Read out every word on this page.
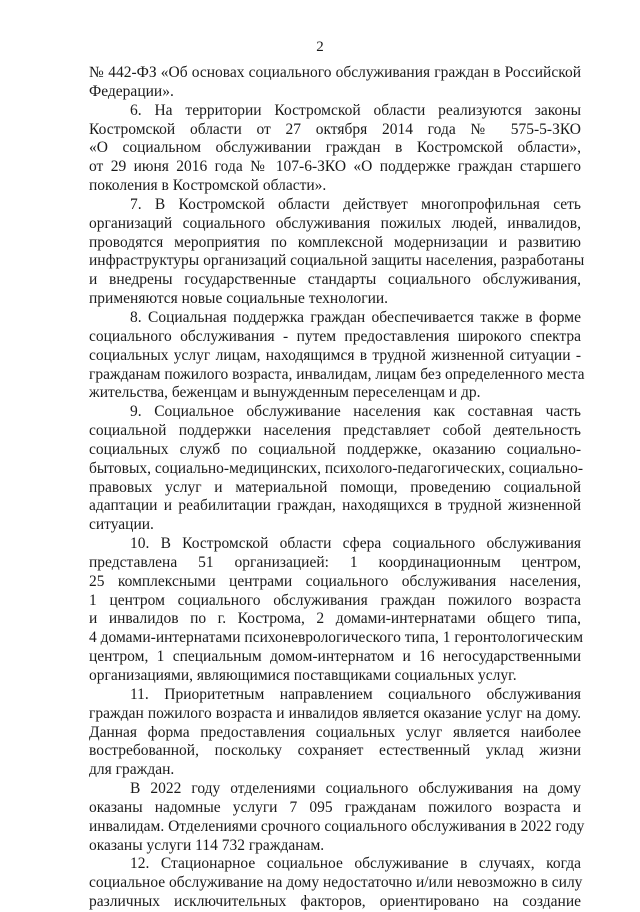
2
№ 442-ФЗ «Об основах социального обслуживания граждан в Российской
Федерации».
6. На территории Костромской области реализуются законы
Костромской области от 27 октября 2014 года № 575-5-ЗКО
«О социальном обслуживании граждан в Костромской области»,
от 29 июня 2016 года № 107-6-ЗКО «О поддержке граждан старшего
поколения в Костромской области».
7. В Костромской области действует многопрофильная сеть
организаций социального обслуживания пожилых людей, инвалидов,
проводятся мероприятия по комплексной модернизации и развитию
инфраструктуры организаций социальной защиты населения, разработаны
и внедрены государственные стандарты социального обслуживания,
применяются новые социальные технологии.
8. Социальная поддержка граждан обеспечивается также в форме
социального обслуживания - путем предоставления широкого спектра
социальных услуг лицам, находящимся в трудной жизненной ситуации -
гражданам пожилого возраста, инвалидам, лицам без определенного места
жительства, беженцам и вынужденным переселенцам и др.
9. Социальное обслуживание населения как составная часть
социальной поддержки населения представляет собой деятельность
социальных служб по социальной поддержке, оказанию социально-
бытовых, социально-медицинских, психолого-педагогических, социально-
правовых услуг и материальной помощи, проведению социальной
адаптации и реабилитации граждан, находящихся в трудной жизненной
ситуации.
10. В Костромской области сфера социального обслуживания
представлена 51 организацией: 1 координационным центром,
25 комплексными центрами социального обслуживания населения,
1 центром социального обслуживания граждан пожилого возраста
и инвалидов по г. Кострома, 2 домами-интернатами общего типа,
4 домами-интернатами психоневрологического типа, 1 геронтологическим
центром, 1 специальным домом-интернатом и 16 негосударственными
организациями, являющимися поставщиками социальных услуг.
11. Приоритетным направлением социального обслуживания
граждан пожилого возраста и инвалидов является оказание услуг на дому.
Данная форма предоставления социальных услуг является наиболее
востребованной, поскольку сохраняет естественный уклад жизни
для граждан.
В 2022 году отделениями социального обслуживания на дому
оказаны надомные услуги 7 095 гражданам пожилого возраста и
инвалидам. Отделениями срочного социального обслуживания в 2022 году
оказаны услуги 114 732 гражданам.
12. Стационарное социальное обслуживание в случаях, когда
социальное обслуживание на дому недостаточно и/или невозможно в силу
различных исключительных факторов, ориентировано на создание
